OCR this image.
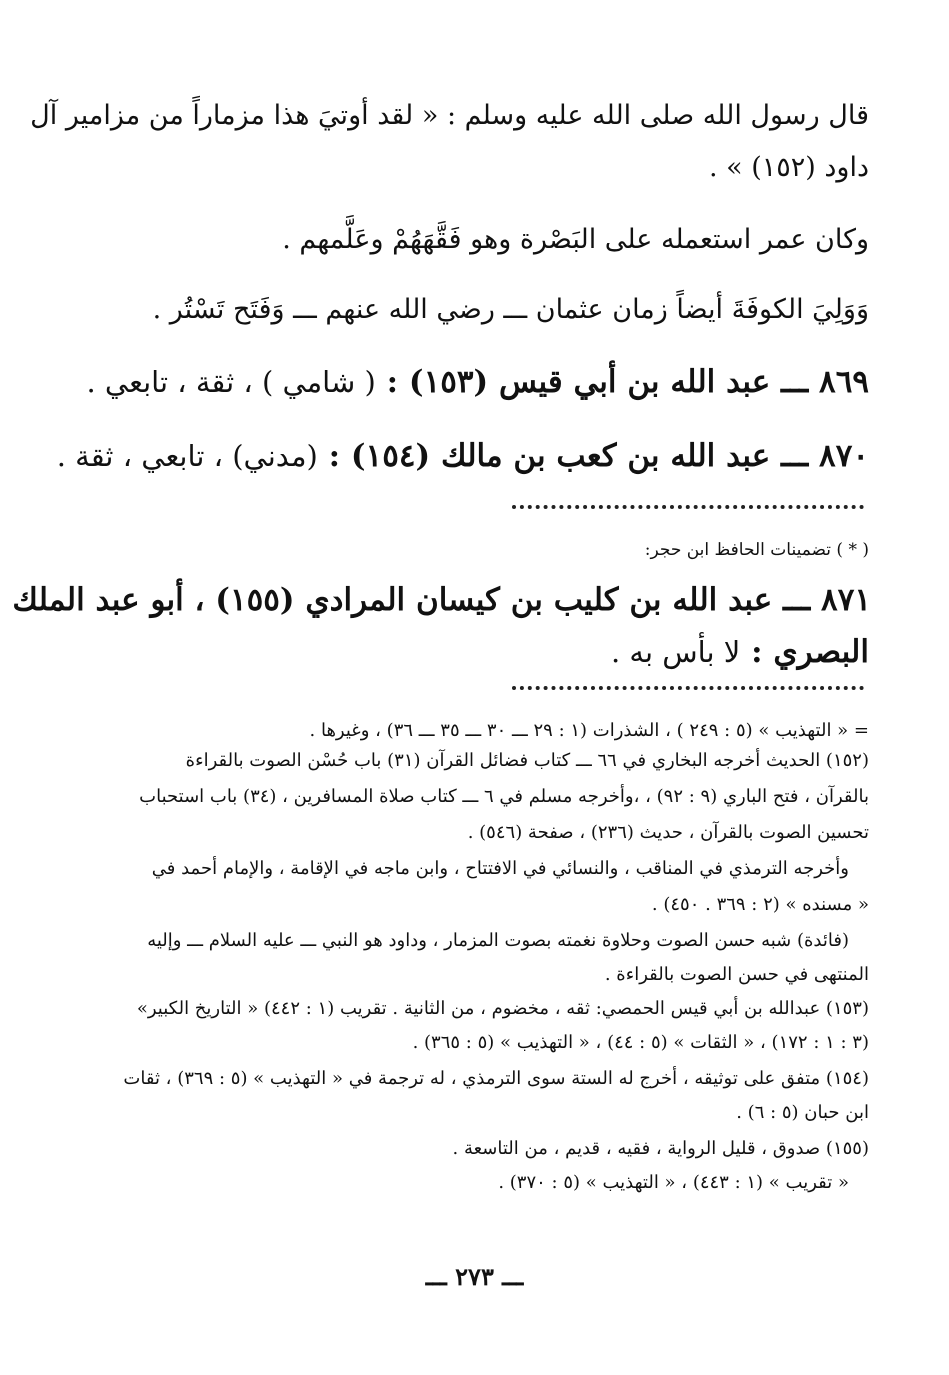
قال رسول الله صلى الله عليه وسلم : « لقد أوتيَ هذا مزماراً من مزامير آل
داود (١٥٢) » .
وكان عمر استعمله على البَصْرة وهو فَقَّهَهُمْ وعَلَّمهم .
وَوَلِيَ الكوفَةَ أيضاً زمان عثمان ـــ رضي الله عنهم ـــ وَفَتَح تَسْتُر .
٨٦٩ ـــ عبد الله بن أبي قيس (١٥٣) : ( شامي ) ، ثقة ، تابعي .
٨٧٠ ـــ عبد الله بن كعب بن مالك (١٥٤) : (مدني) ، تابعي ، ثقة .
( * ) تضمينات الحافظ ابن حجر:
٨٧١ ـــ عبد الله بن كليب بن كيسان المرادي (١٥٥) ، أبو عبد الملك
البصري : لا بأس به .
= « التهذيب » (٥ : ٢٤٩ ) ، الشذرات (١ : ٢٩ ـــ ٣٠ ـــ ٣٥ ـــ ٣٦) ، وغيرها .
(١٥٢) الحديث أخرجه البخاري في ٦٦ ـــ كتاب فضائل القرآن (٣١) باب حُسْن الصوت بالقراءة
بالقرآن ، فتح الباري (٩ : ٩٢) ، ،وأخرجه مسلم في ٦ ـــ كتاب صلاة المسافرين ، (٣٤) باب استحباب
تحسين الصوت بالقرآن ، حديث (٢٣٦) ، صفحة (٥٤٦) .
وأخرجه الترمذي في المناقب ، والنسائي في الافتتاح ، وابن ماجه في الإقامة ، والإمام أحمد في
« مسنده » (٢ : ٣٦٩ . ٤٥٠) .
(فائدة) شبه حسن الصوت وحلاوة نغمته بصوت المزمار ، وداود هو النبي ـــ عليه السلام ـــ وإليه
المنتهى في حسن الصوت بالقراءة .
(١٥٣) عبدالله بن أبي قيس الحمصي: ثقه ، مخضوم ، من الثانية . تقريب (١ : ٤٤٢) « التاريخ الكبير»
(٣ : ١ : ١٧٢) ، « الثقات » (٥ : ٤٤) ، « التهذيب » (٥ : ٣٦٥) .
(١٥٤) متفق على توثيقه ، أخرج له الستة سوى الترمذي ، له ترجمة في « التهذيب » (٥ : ٣٦٩) ، ثقات
ابن حبان (٥ : ٦) .
(١٥٥) صدوق ، قليل الرواية ، فقيه ، قديم ، من التاسعة .
« تقريب » (١ : ٤٤٣) ، « التهذيب » (٥ : ٣٧٠) .
ـــ ٢٧٣ ـــ
